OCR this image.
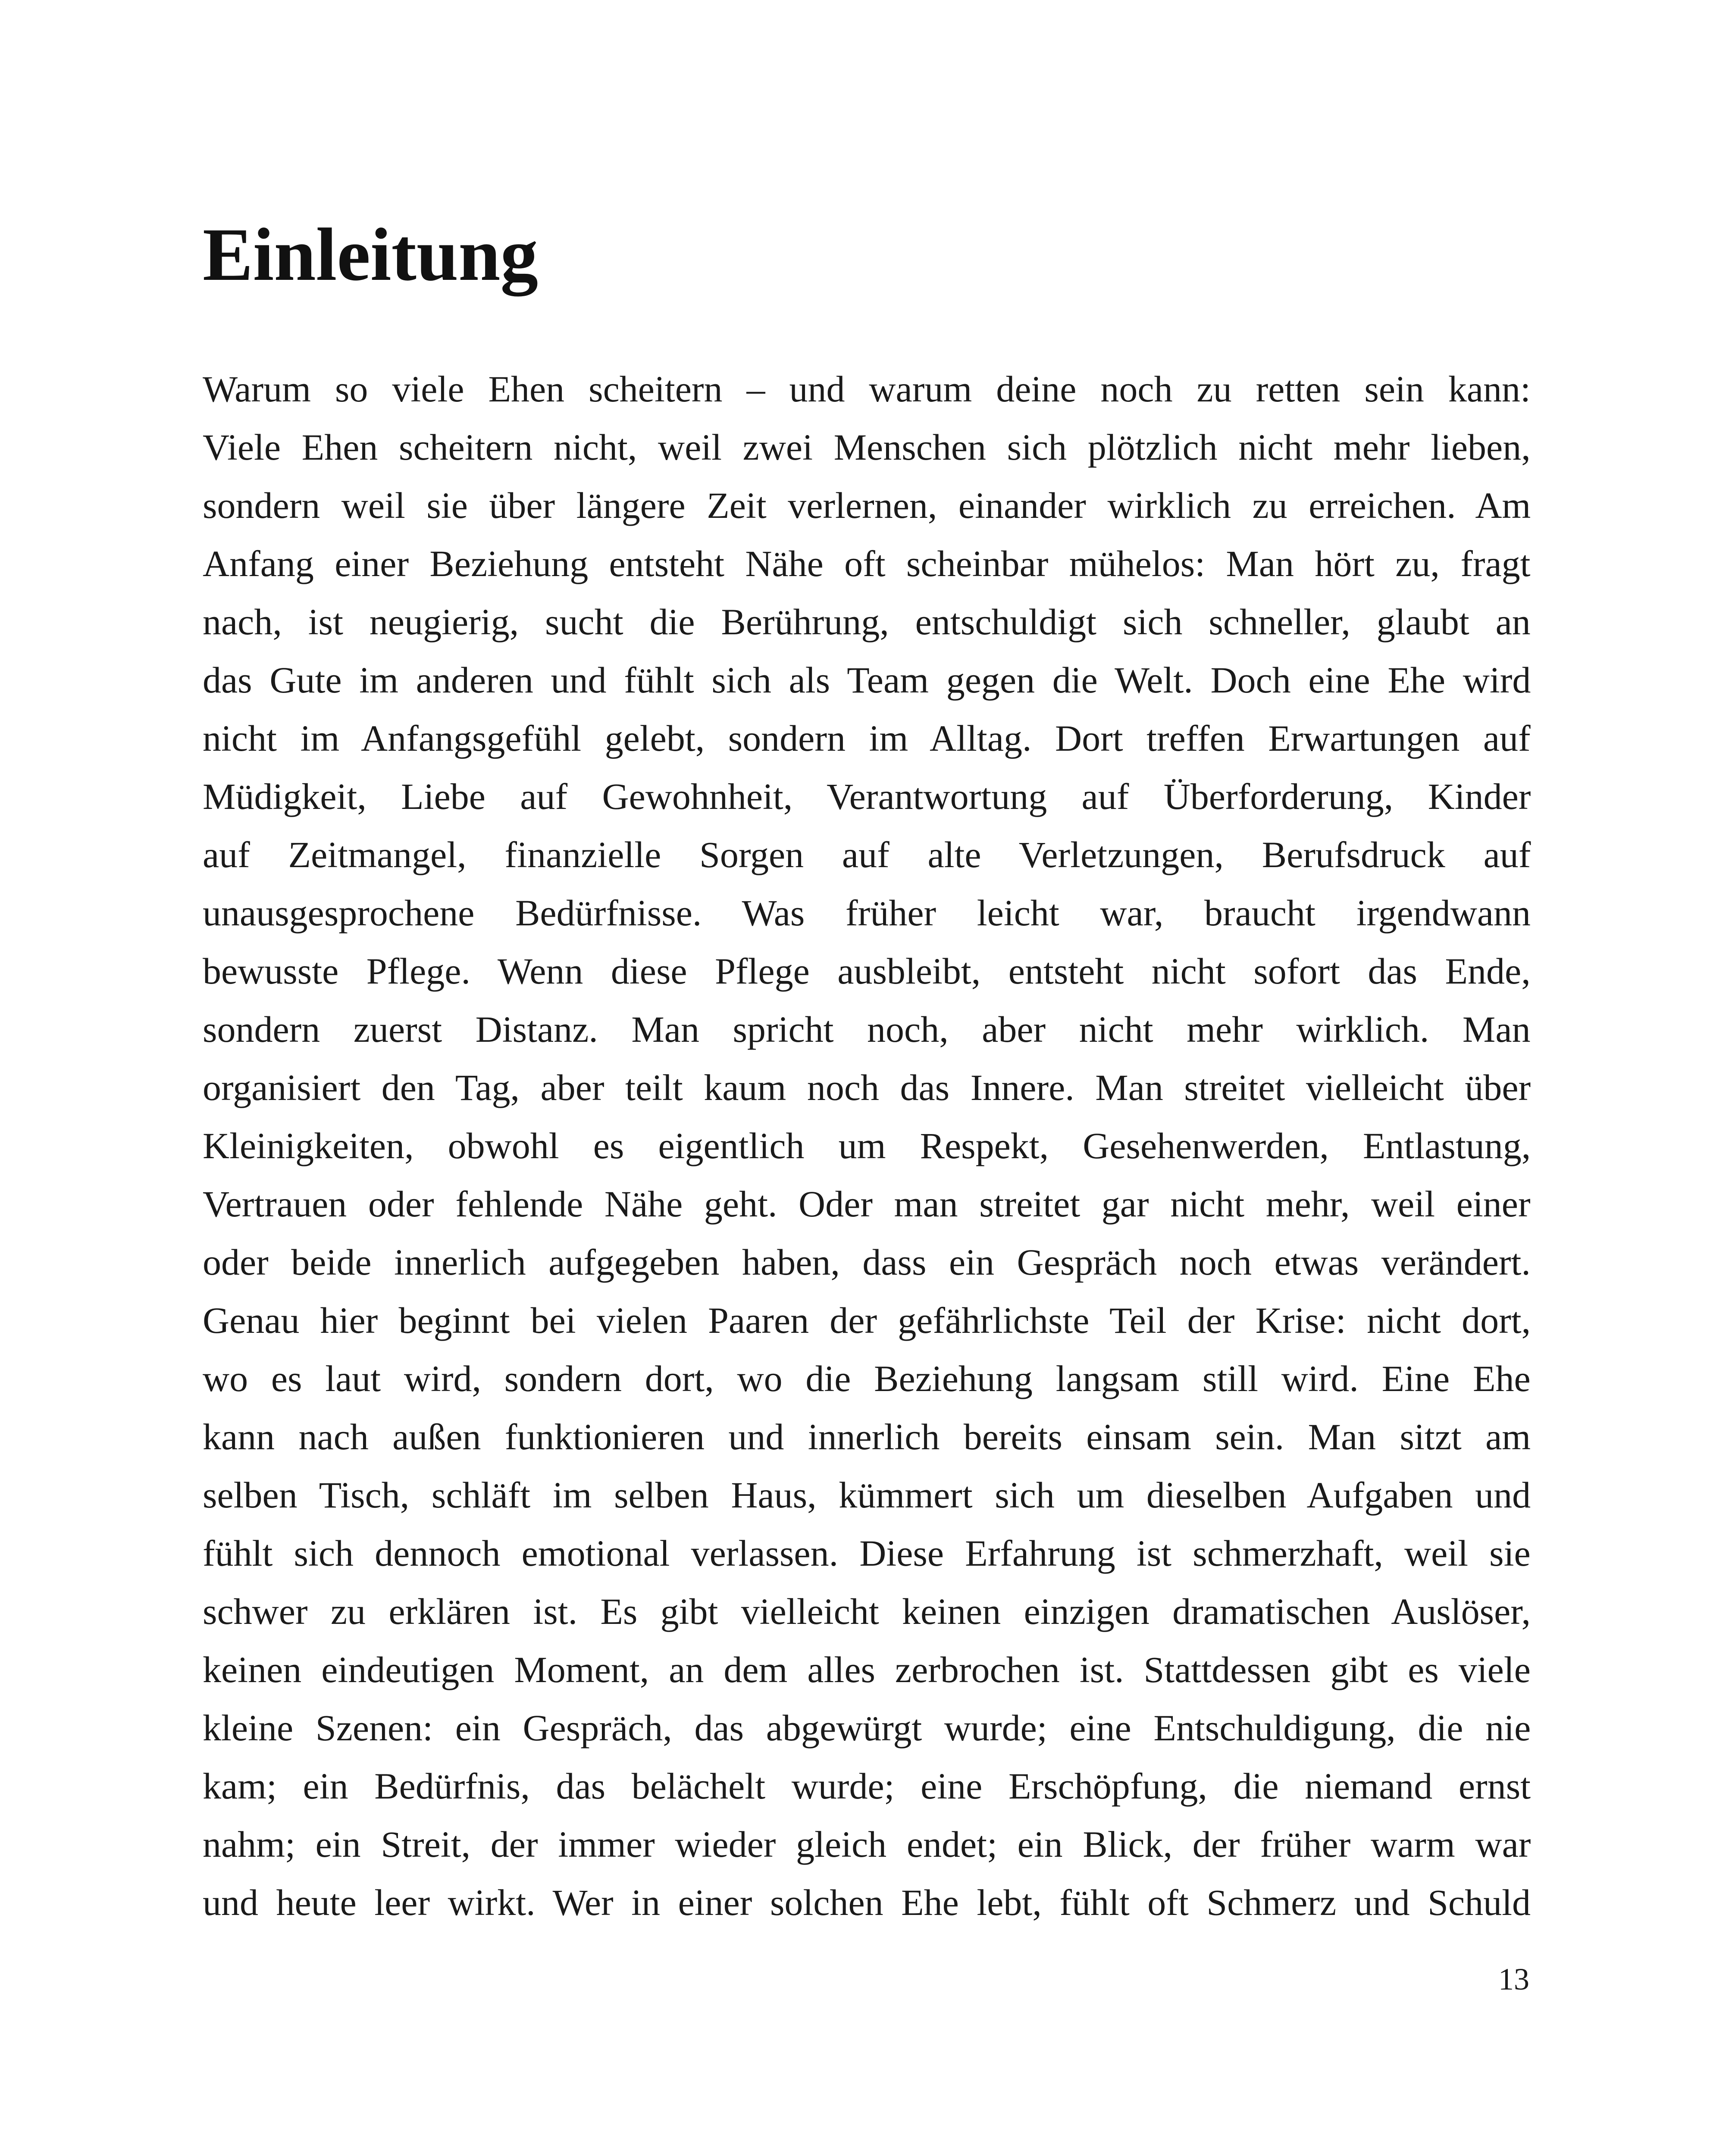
Einleitung
Warum so viele Ehen scheitern – und warum deine noch zu retten sein kann:
Viele Ehen scheitern nicht, weil zwei Menschen sich plötzlich nicht mehr lieben,
sondern weil sie über längere Zeit verlernen, einander wirklich zu erreichen. Am
Anfang einer Beziehung entsteht Nähe oft scheinbar mühelos: Man hört zu, fragt
nach, ist neugierig, sucht die Berührung, entschuldigt sich schneller, glaubt an
das Gute im anderen und fühlt sich als Team gegen die Welt. Doch eine Ehe wird
nicht im Anfangsgefühl gelebt, sondern im Alltag. Dort treffen Erwartungen auf
Müdigkeit, Liebe auf Gewohnheit, Verantwortung auf Überforderung, Kinder
auf Zeitmangel, finanzielle Sorgen auf alte Verletzungen, Berufsdruck auf
unausgesprochene Bedürfnisse. Was früher leicht war, braucht irgendwann
bewusste Pflege. Wenn diese Pflege ausbleibt, entsteht nicht sofort das Ende,
sondern zuerst Distanz. Man spricht noch, aber nicht mehr wirklich. Man
organisiert den Tag, aber teilt kaum noch das Innere. Man streitet vielleicht über
Kleinigkeiten, obwohl es eigentlich um Respekt, Gesehenwerden, Entlastung,
Vertrauen oder fehlende Nähe geht. Oder man streitet gar nicht mehr, weil einer
oder beide innerlich aufgegeben haben, dass ein Gespräch noch etwas verändert.
Genau hier beginnt bei vielen Paaren der gefährlichste Teil der Krise: nicht dort,
wo es laut wird, sondern dort, wo die Beziehung langsam still wird. Eine Ehe
kann nach außen funktionieren und innerlich bereits einsam sein. Man sitzt am
selben Tisch, schläft im selben Haus, kümmert sich um dieselben Aufgaben und
fühlt sich dennoch emotional verlassen. Diese Erfahrung ist schmerzhaft, weil sie
schwer zu erklären ist. Es gibt vielleicht keinen einzigen dramatischen Auslöser,
keinen eindeutigen Moment, an dem alles zerbrochen ist. Stattdessen gibt es viele
kleine Szenen: ein Gespräch, das abgewürgt wurde; eine Entschuldigung, die nie
kam; ein Bedürfnis, das belächelt wurde; eine Erschöpfung, die niemand ernst
nahm; ein Streit, der immer wieder gleich endet; ein Blick, der früher warm war
und heute leer wirkt. Wer in einer solchen Ehe lebt, fühlt oft Schmerz und Schuld
13
